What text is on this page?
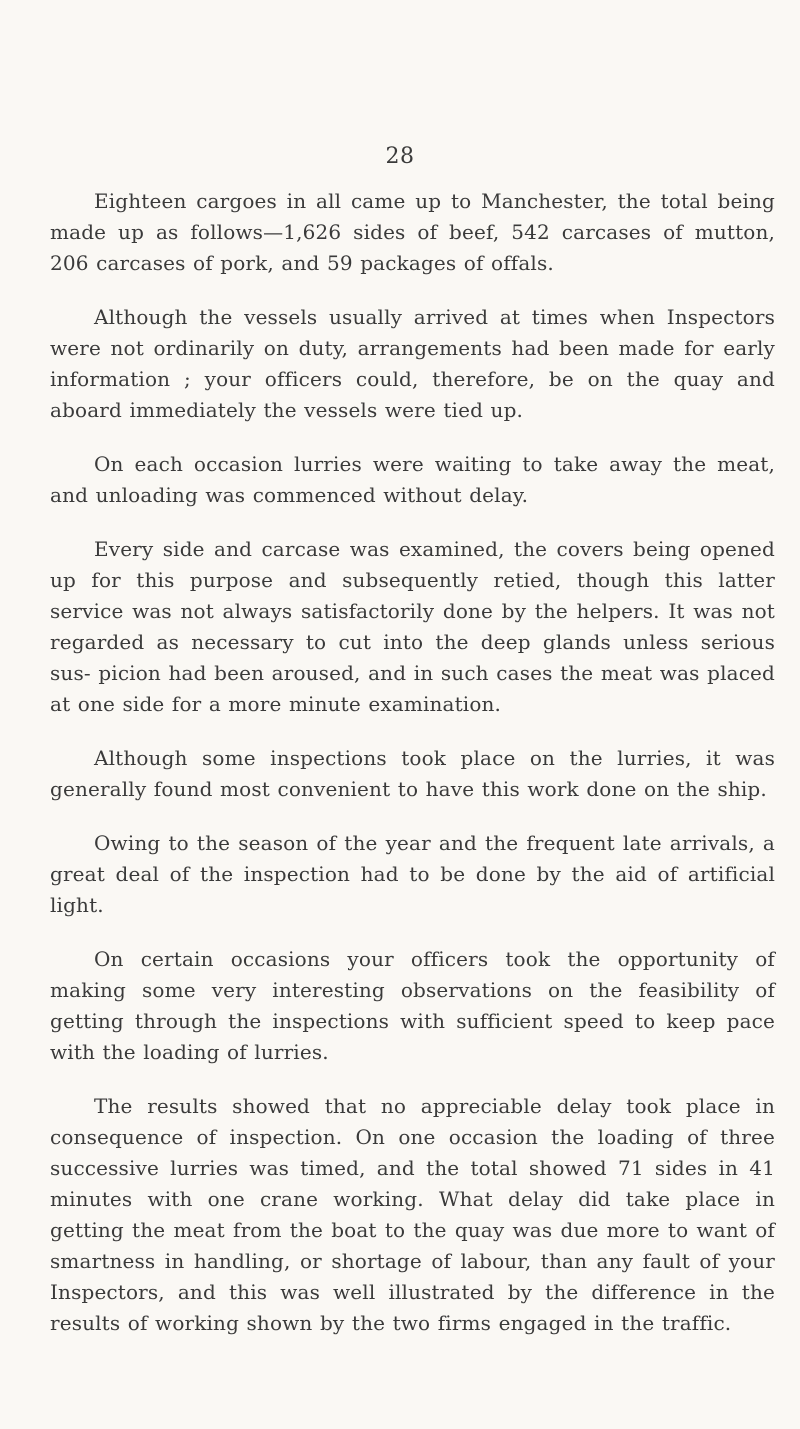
28

Eighteen cargoes in all came up to Manchester, the total being made up as follows—1,626 sides of beef, 542 carcases of mutton, 206 carcases of pork, and 59 packages of offals.

Although the vessels usually arrived at times when Inspectors were not ordinarily on duty, arrangements had been made for early information ; your officers could, therefore, be on the quay and aboard immediately the vessels were tied up.

On each occasion lurries were waiting to take away the meat, and unloading was commenced without delay.

Every side and carcase was examined, the covers being opened up for this purpose and subsequently retied, though this latter service was not always satisfactorily done by the helpers. It was not regarded as necessary to cut into the deep glands unless serious sus- picion had been aroused, and in such cases the meat was placed at one side for a more minute examination.

Although some inspections took place on the lurries, it was generally found most convenient to have this work done on the ship.

Owing to the season of the year and the frequent late arrivals, a great deal of the inspection had to be done by the aid of artificial light.

On certain occasions your officers took the opportunity of making some very interesting observations on the feasibility of getting through the inspections with sufficient speed to keep pace with the loading of lurries.

The results showed that no appreciable delay took place in consequence of inspection. On one occasion the loading of three successive lurries was timed, and the total showed 71 sides in 41 minutes with one crane working. What delay did take place in getting the meat from the boat to the quay was due more to want of smartness in handling, or shortage of labour, than any fault of your Inspectors, and this was well illustrated by the difference in the results of working shown by the two firms engaged in the traffic.
